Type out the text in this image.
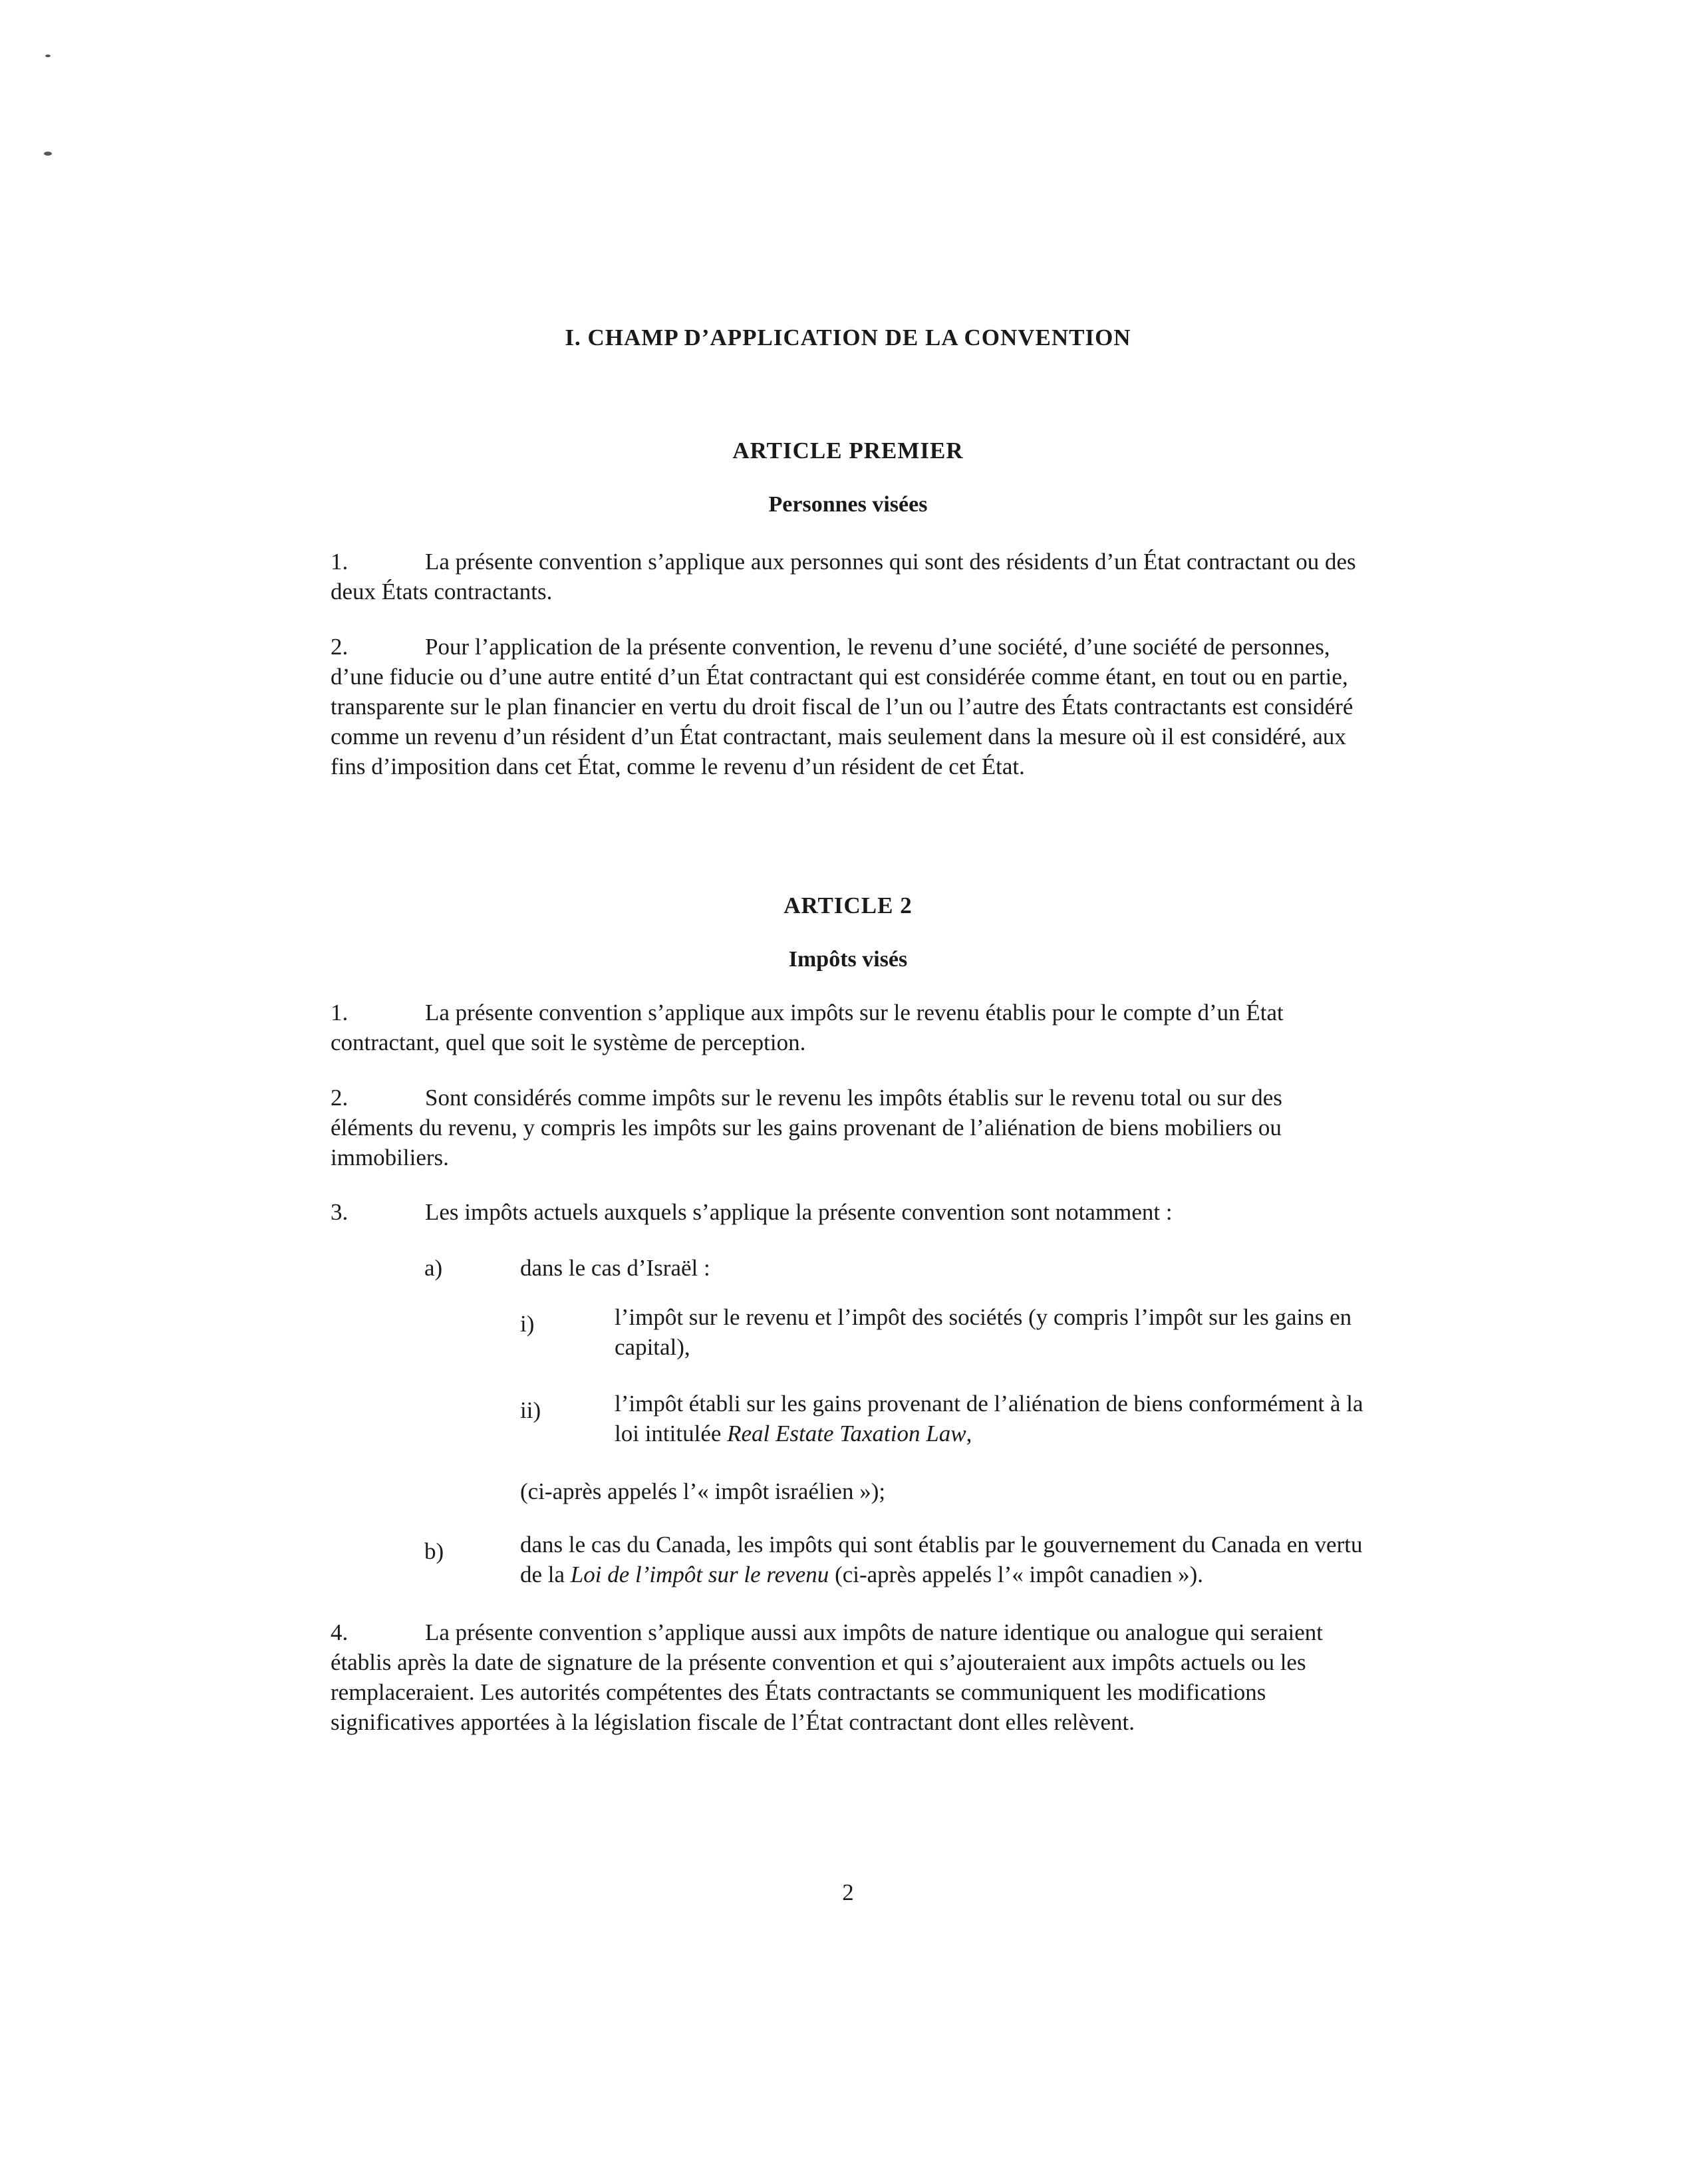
I. CHAMP D’APPLICATION DE LA CONVENTION
ARTICLE PREMIER
Personnes visées
1.	La présente convention s’applique aux personnes qui sont des résidents d’un État contractant ou des deux États contractants.
2.	Pour l’application de la présente convention, le revenu d’une société, d’une société de personnes, d’une fiducie ou d’une autre entité d’un État contractant qui est considérée comme étant, en tout ou en partie, transparente sur le plan financier en vertu du droit fiscal de l’un ou l’autre des États contractants est considéré comme un revenu d’un résident d’un État contractant, mais seulement dans la mesure où il est considéré, aux fins d’imposition dans cet État, comme le revenu d’un résident de cet État.
ARTICLE 2
Impôts visés
1.	La présente convention s’applique aux impôts sur le revenu établis pour le compte d’un État contractant, quel que soit le système de perception.
2.	Sont considérés comme impôts sur le revenu les impôts établis sur le revenu total ou sur des éléments du revenu, y compris les impôts sur les gains provenant de l’aliénation de biens mobiliers ou immobiliers.
3.	Les impôts actuels auxquels s’applique la présente convention sont notamment :
a)	dans le cas d’Israël :
i)	l’impôt sur le revenu et l’impôt des sociétés (y compris l’impôt sur les gains en capital),
ii)	l’impôt établi sur les gains provenant de l’aliénation de biens conformément à la loi intitulée Real Estate Taxation Law,
(ci-après appelés l’« impôt israélien »);
b)	dans le cas du Canada, les impôts qui sont établis par le gouvernement du Canada en vertu de la Loi de l’impôt sur le revenu (ci-après appelés l’« impôt canadien »).
4.	La présente convention s’applique aussi aux impôts de nature identique ou analogue qui seraient établis après la date de signature de la présente convention et qui s’ajouteraient aux impôts actuels ou les remplaceraient. Les autorités compétentes des États contractants se communiquent les modifications significatives apportées à la législation fiscale de l’État contractant dont elles relèvent.
2
